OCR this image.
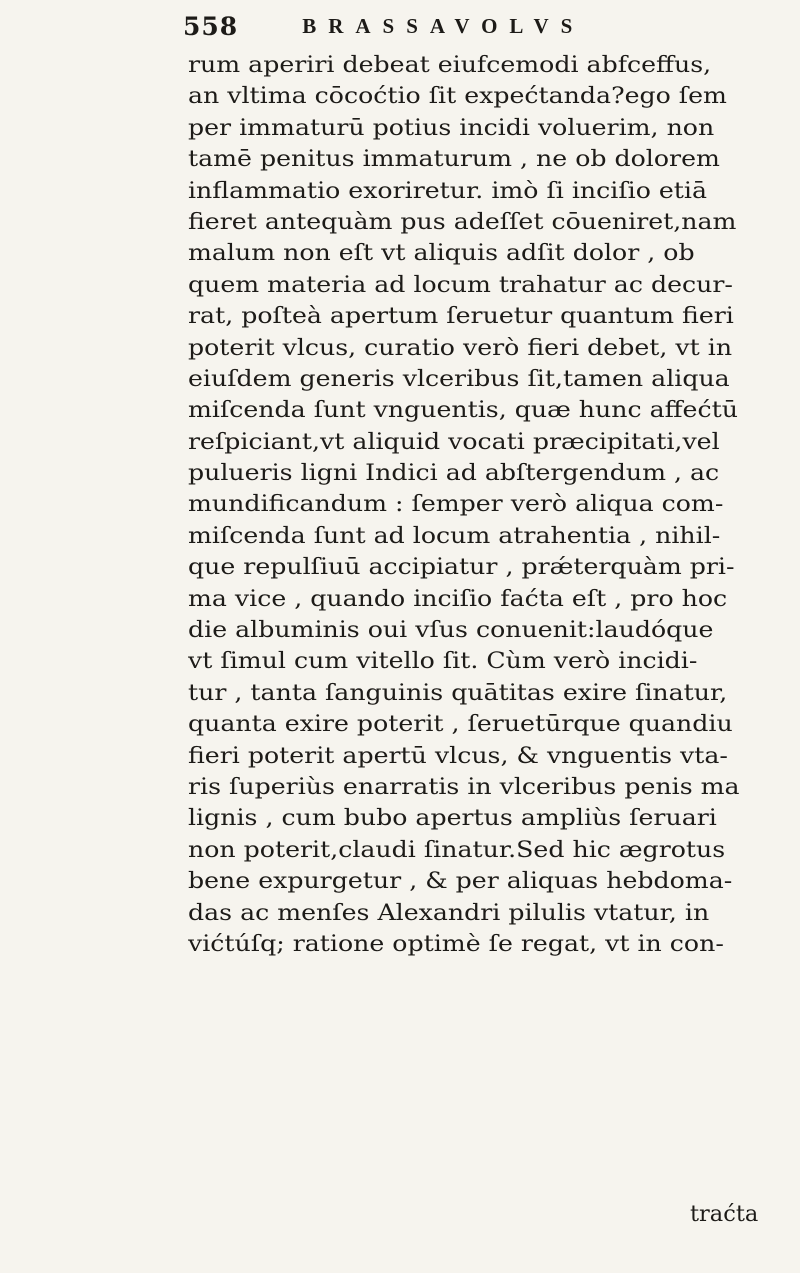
558	BRASSAVOLVS
rum aperiri debeat eiufcemodi abfceffus,
an vltima cōcoćtio ſit expećtanda?ego ſem
per immaturū potius incidi voluerim, non
tamē penitus immaturum , ne ob dolorem
inflammatio exoriretur. imò ſi inciſio etiā
fieret antequàm pus adeſſet cōueniret,nam
malum non eſt vt aliquis adſit dolor , ob
quem materia ad locum trahatur ac decur-
rat, poſteà apertum ſeruetur quantum fieri
poterit vlcus, curatio verò fieri debet, vt in
eiuſdem generis vlceribus ſit,tamen aliqua
miſcenda ſunt vnguentis, quæ hunc affećtū
reſpiciant,vt aliquid vocati præcipitati,vel
pulueris ligni Indici ad abſtergendum , ac
mundificandum : ſemper verò aliqua com-
miſcenda ſunt ad locum atrahentia , nihil-
que repulſiuū accipiatur , prǽterquàm pri-
ma vice , quando inciſio fаćta eſt , pro hoc
die albuminis oui vſus conuenit:laudóque
vt ſimul cum vitello ſit. Cùm verò incidi-
tur , tanta ſanguinis quātitas exire ſinatur,
quanta exire poterit , ſeruetūrque quandiu
fieri poterit apertū vlcus, & vnguentis vta-
ris ſuperiùs enarratis in vlceribus penis ma
lignis , cum bubo apertus ampliùs ſeruari
non poterit,claudi ſinatur.Sed hic ægrotus
bene expurgetur , & per aliquas hebdoma-
das ac menſes Alexandri pilulis vtatur, in
vićtúſq; ratione optimè ſe regat, vt in con-
traćta
